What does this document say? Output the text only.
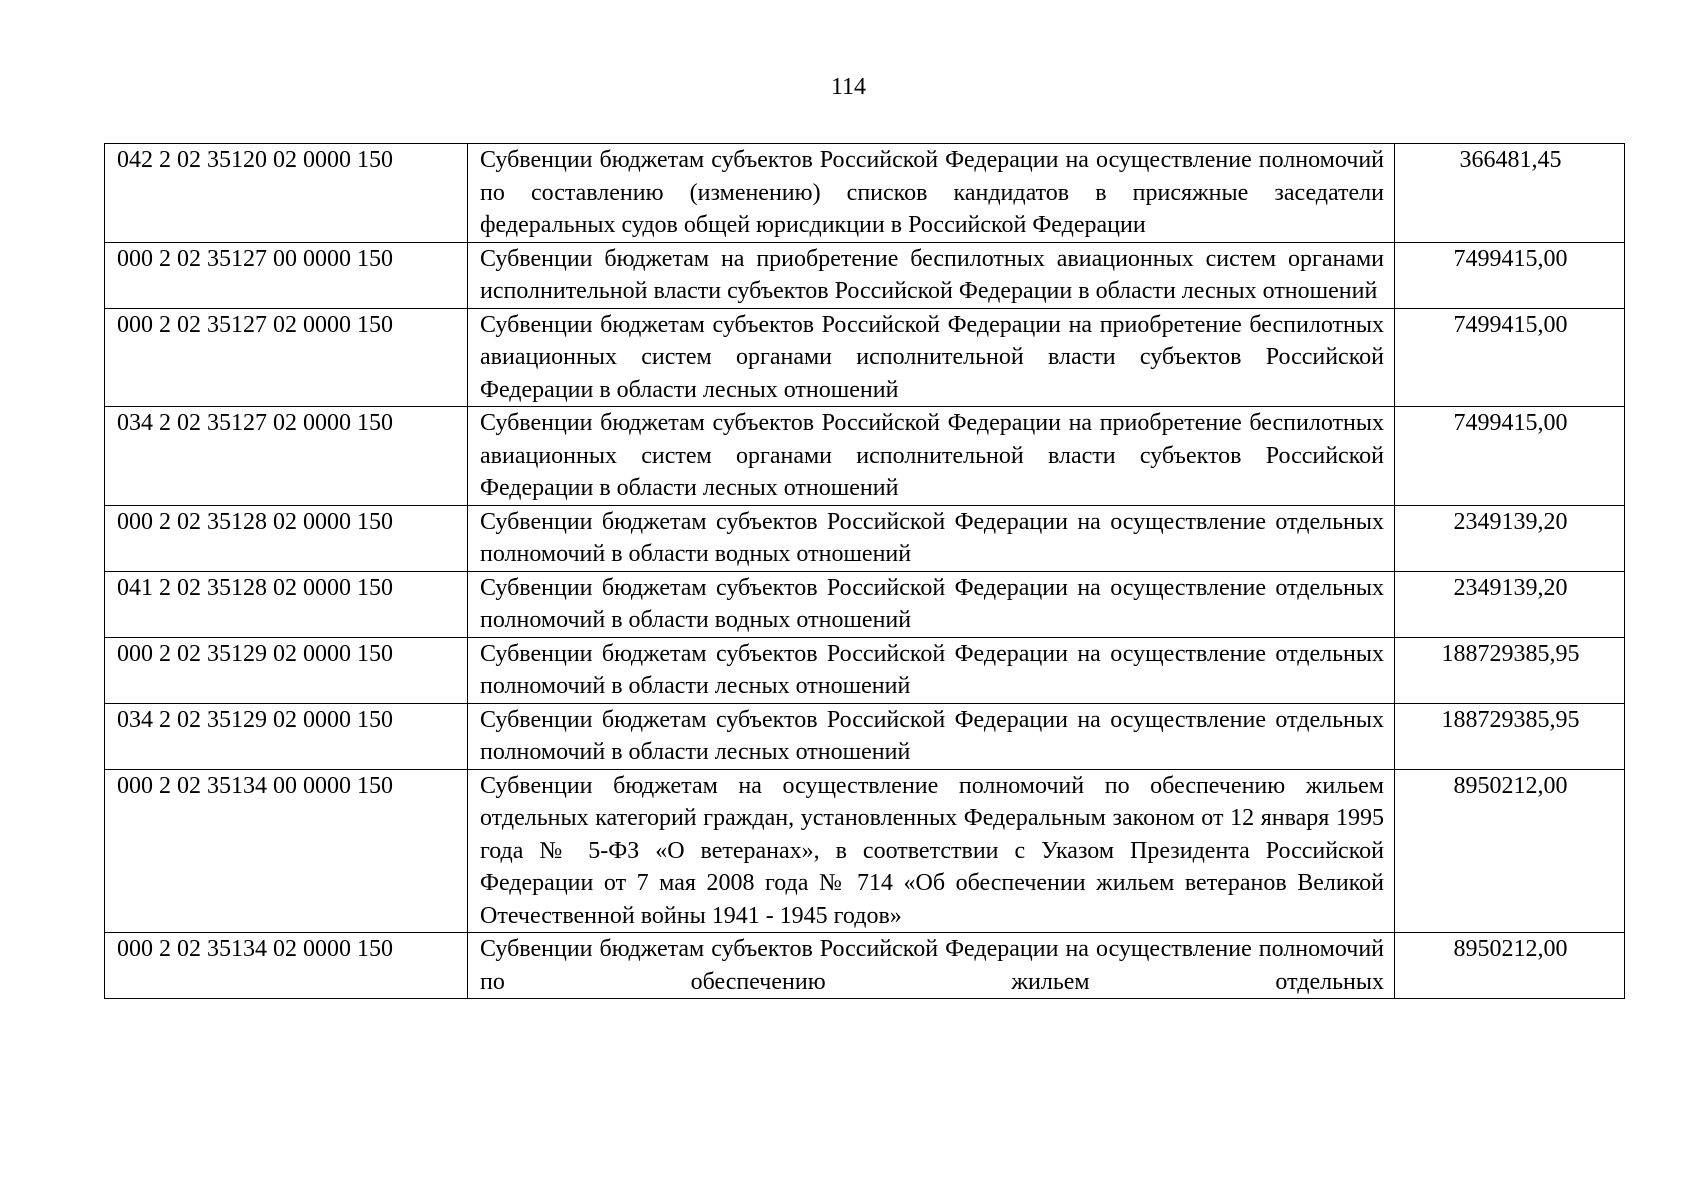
114
042 2 02 35120 02 0000 150	Субвенции бюджетам субъектов Российской Федерации на осуществление полномочий по составлению (изменению) списков кандидатов в присяжные заседатели федеральных судов общей юрисдикции в Российской Федерации	366481,45
000 2 02 35127 00 0000 150	Субвенции бюджетам на приобретение беспилотных авиационных систем органами исполнительной власти субъектов Российской Федерации в области лесных отношений	7499415,00
000 2 02 35127 02 0000 150	Субвенции бюджетам субъектов Российской Федерации на приобретение беспилотных авиационных систем органами исполнительной власти субъектов Российской Федерации в области лесных отношений	7499415,00
034 2 02 35127 02 0000 150	Субвенции бюджетам субъектов Российской Федерации на приобретение беспилотных авиационных систем органами исполнительной власти субъектов Российской Федерации в области лесных отношений	7499415,00
000 2 02 35128 02 0000 150	Субвенции бюджетам субъектов Российской Федерации на осуществление отдельных полномочий в области водных отношений	2349139,20
041 2 02 35128 02 0000 150	Субвенции бюджетам субъектов Российской Федерации на осуществление отдельных полномочий в области водных отношений	2349139,20
000 2 02 35129 02 0000 150	Субвенции бюджетам субъектов Российской Федерации на осуществление отдельных полномочий в области лесных отношений	188729385,95
034 2 02 35129 02 0000 150	Субвенции бюджетам субъектов Российской Федерации на осуществление отдельных полномочий в области лесных отношений	188729385,95
000 2 02 35134 00 0000 150	Субвенции бюджетам на осуществление полномочий по обеспечению жильем отдельных категорий граждан, установленных Федеральным законом от 12 января 1995 года № 5-ФЗ «О ветеранах», в соответствии с Указом Президента Российской Федерации от 7 мая 2008 года № 714 «Об обеспечении жильем ветеранов Великой Отечественной войны 1941 - 1945 годов»	8950212,00
000 2 02 35134 02 0000 150	Субвенции бюджетам субъектов Российской Федерации на осуществление полномочий по обеспечению жильем отдельных	8950212,00
